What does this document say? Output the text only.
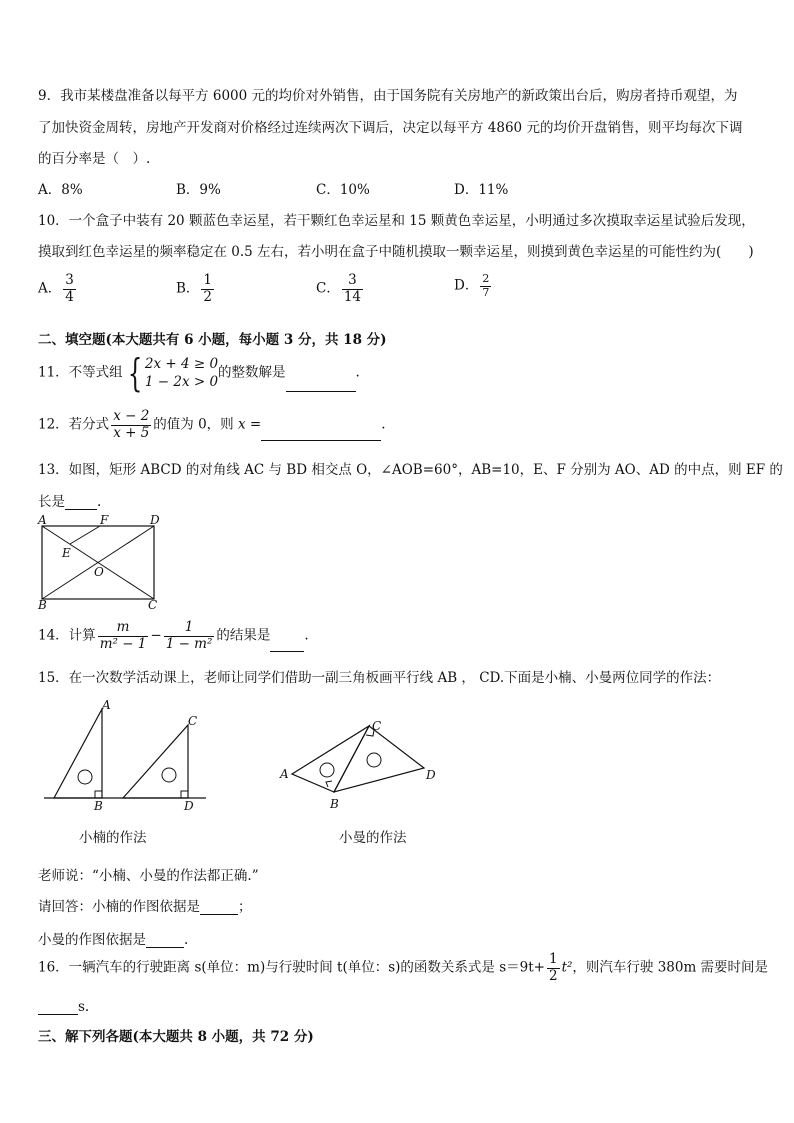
9．我市某楼盘准备以每平方 6000 元的均价对外销售，由于国务院有关房地产的新政策出台后，购房者持币观望，为
了加快资金周转，房地产开发商对价格经过连续两次下调后，决定以每平方 4860 元的均价开盘销售，则平均每次下调
的百分率是（　）.
A．8%	B．9%	C．10%	D．11%
10．一个盒子中装有 20 颗蓝色幸运星，若干颗红色幸运星和 15 颗黄色幸运星，小明通过多次摸取幸运星试验后发现，
摸取到红色幸运星的频率稳定在 0.5 左右，若小明在盒子中随机摸取一颗幸运星，则摸到黄色幸运星的可能性约为(　　)
A． $\frac{3}{4}$	B． $\frac{1}{2}$	C． $\frac{3}{14}$	D． $\frac{2}{7}$
二、填空题(本大题共有 6 小题，每小题 3 分，共 18 分)
11．不等式组 { 2x + 4 ≥ 0
1 − 2x > 0
的整数解是	.
12．若分式 $\frac{x - 2}{x + 5}$ 的值为 0，则 x =	.
13．如图，矩形 ABCD 的对角线 AC 与 BD 相交点 O，∠AOB=60°，AB=10，E、F 分别为 AO、AD 的中点，则 EF 的
长是 .
A	F	D
E
O
B	C
14．计算 $\frac{m}{\text{m² − 1}} - \frac{1}{\text{1 − m²}}$ 的结果是	.
15．在一次数学活动课上，老师让同学们借助一副三角板画平行线 AB ， CD.下面是小楠、小曼两位同学的作法：
A
B
C
D
小楠的作法
A
B
C
D
小曼的作法
老师说：“小楠、小曼的作法都正确.”
请回答：小楠的作图依据是	；
小曼的作图依据是	.
16．一辆汽车的行驶距离 s(单位：m)与行驶时间 t(单位：s)的函数关系式是 $s=9t+ \frac{1}{2} t^2$，则汽车行驶 380m 需要时间是
s.
三、解下列各题(本大题共 8 小题，共 72 分)
